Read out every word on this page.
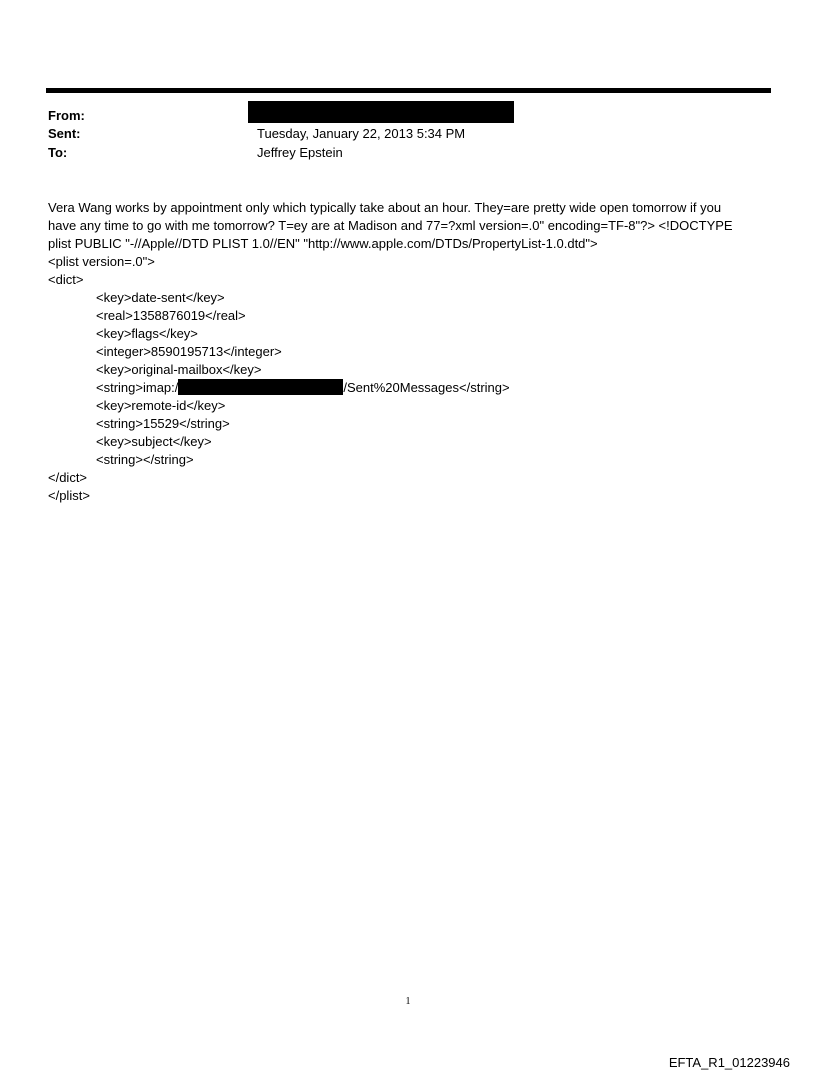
From:
Sent:	Tuesday, January 22, 2013 5:34 PM
To:	Jeffrey Epstein
Vera Wang works by appointment only which typically take about an hour. They=are pretty wide open tomorrow if you
have any time to go with me tomorrow? T=ey are at Madison and 77=?xml version=.0" encoding=TF-8"?> <!DOCTYPE
plist PUBLIC "-//Apple//DTD PLIST 1.0//EN" "http://www.apple.com/DTDs/PropertyList-1.0.dtd">
<plist version=.0">
<dict>
<key>date-sent</key>
<real>1358876019</real>
<key>flags</key>
<integer>8590195713</integer>
<key>original-mailbox</key>
<string>imap:/	/Sent%20Messages</string>
<key>remote-id</key>
<string>15529</string>
<key>subject</key>
<string></string>
</dict>
</plist>
1
EFTA_R1_01223946
